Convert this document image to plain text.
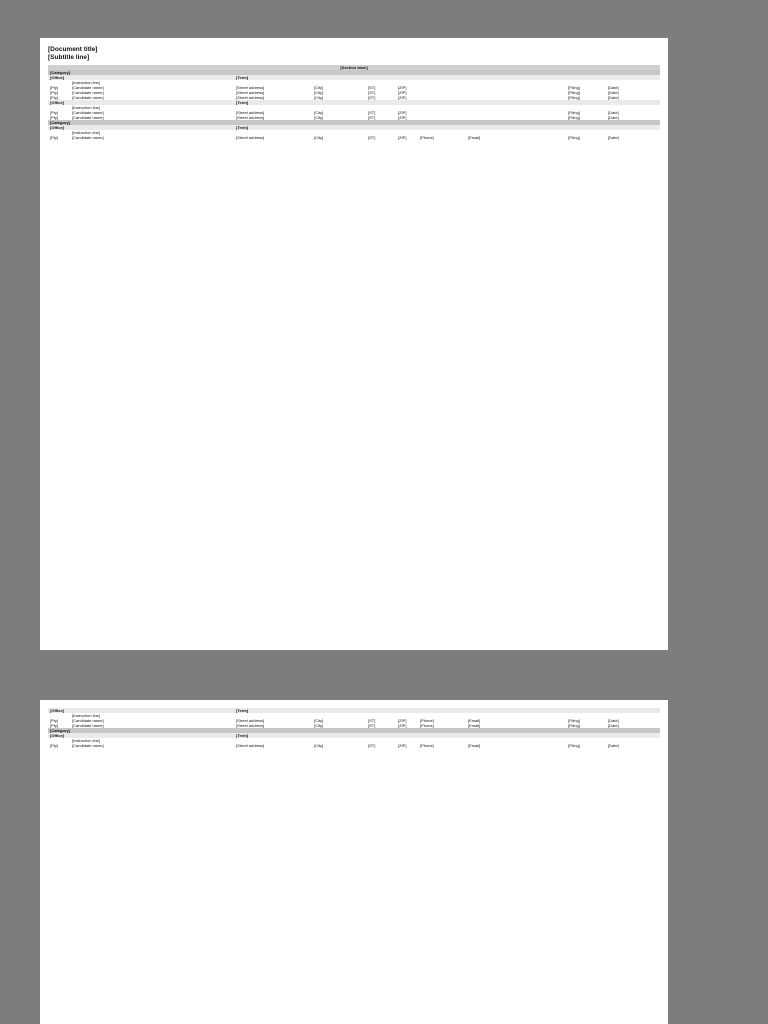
[Document title]
[Subtitle line]
[Section label]
[Category]
[Office]	[Term]
[Instruction line]
[Pty]	[Candidate name]	[Street address]	[City]	[ST]	[ZIP]	[Filing]	[Date]
[Pty]	[Candidate name]	[Street address]	[City]	[ST]	[ZIP]	[Filing]	[Date]
[Pty]	[Candidate name]	[Street address]	[City]	[ST]	[ZIP]	[Filing]	[Date]
[Office]	[Term]
[Instruction line]
[Pty]	[Candidate name]	[Street address]	[City]	[ST]	[ZIP]	[Filing]	[Date]
[Pty]	[Candidate name]	[Street address]	[City]	[ST]	[ZIP]	[Filing]	[Date]
[Category]
[Office]	[Term]
[Instruction line]
[Pty]	[Candidate name]	[Street address]	[City]	[ST]	[ZIP]	[Phone]	[Email]	[Filing]	[Date]
[Office]	[Term]
[Instruction line]
[Pty]	[Candidate name]	[Street address]	[City]	[ST]	[ZIP]	[Phone]	[Email]	[Filing]	[Date]
[Pty]	[Candidate name]	[Street address]	[City]	[ST]	[ZIP]	[Phone]	[Email]	[Filing]	[Date]
[Category]
[Office]	[Term]
[Instruction line]
[Pty]	[Candidate name]	[Street address]	[City]	[ST]	[ZIP]	[Phone]	[Email]	[Filing]	[Date]
